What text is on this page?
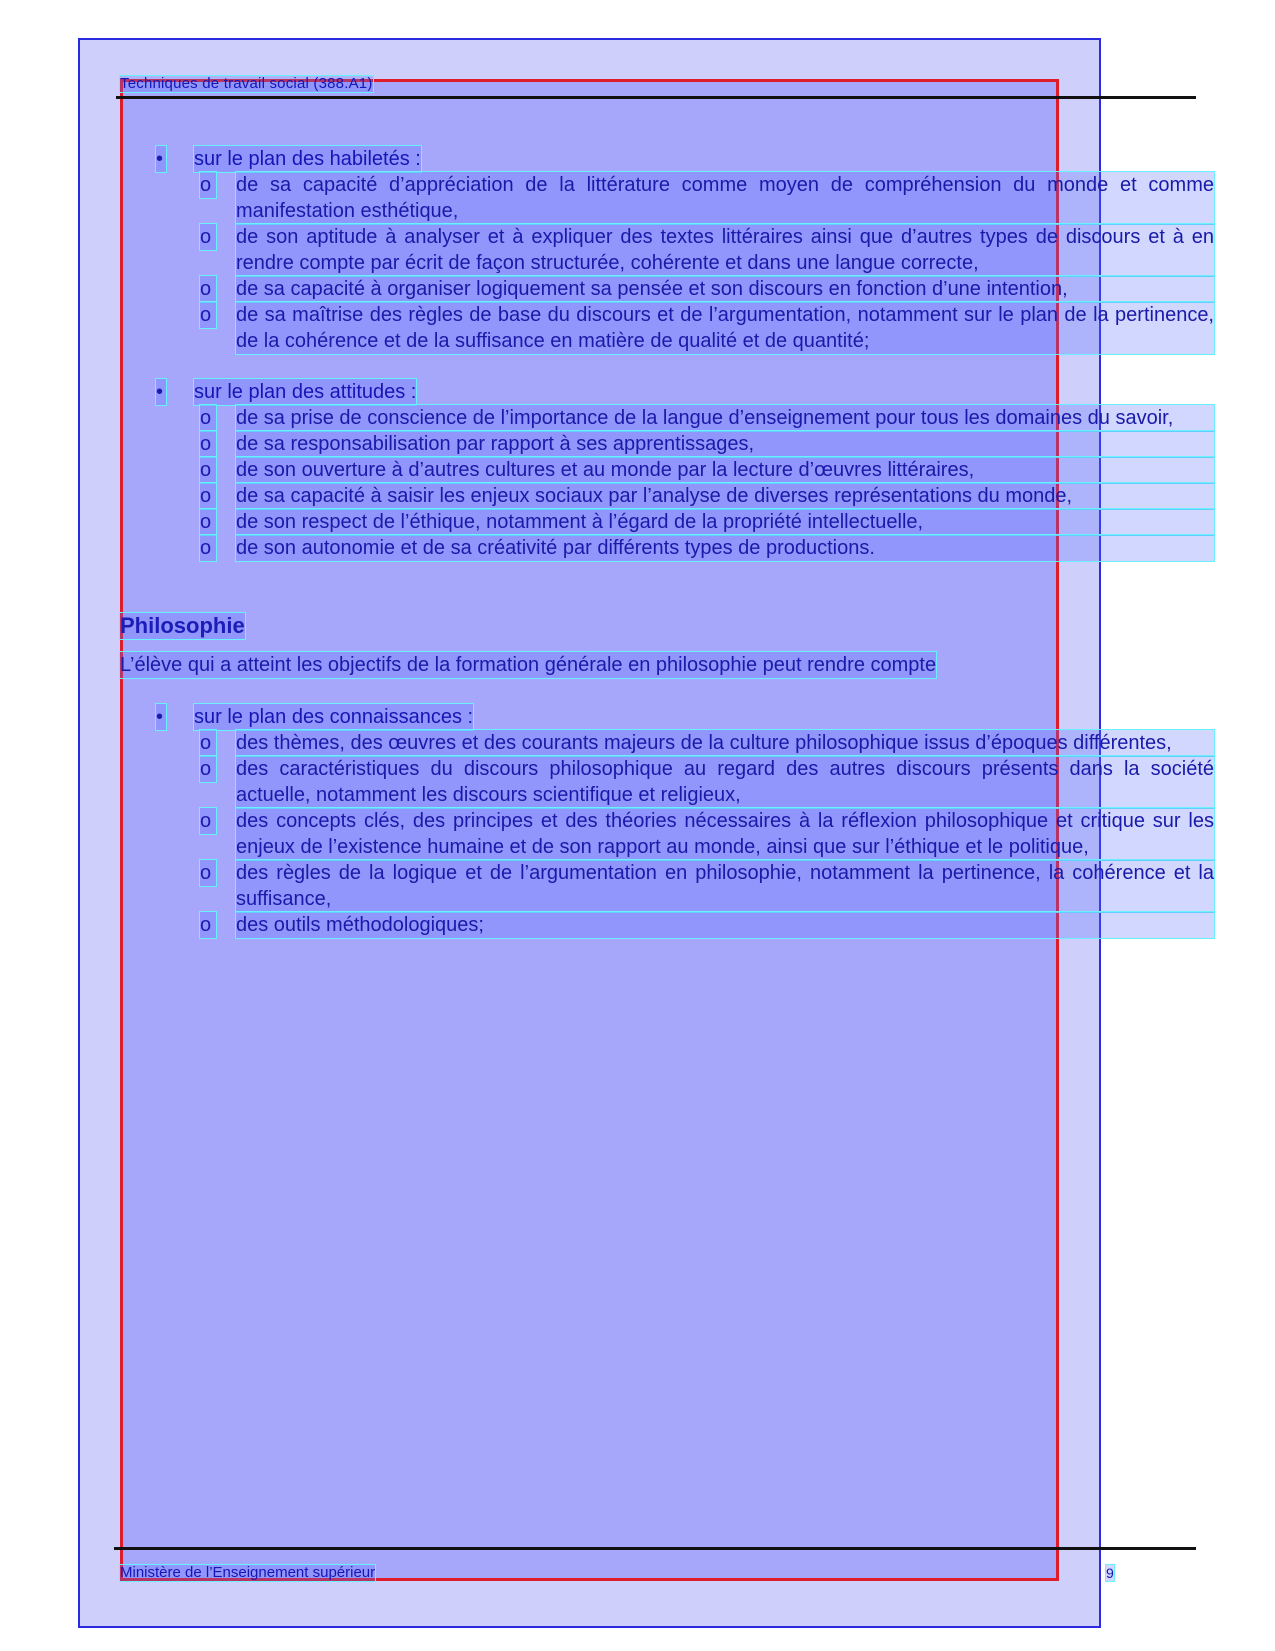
Techniques de travail social (388.A1)
Ministère de l’Enseignement supérieur	9
• sur le plan des habiletés :
o de sa capacité d’appréciation de la littérature comme moyen de compréhension du monde et comme manifestation esthétique,
o de son aptitude à analyser et à expliquer des textes littéraires ainsi que d’autres types de discours et à en rendre compte par écrit de façon structurée, cohérente et dans une langue correcte,
o de sa capacité à organiser logiquement sa pensée et son discours en fonction d’une intention,
o de sa maîtrise des règles de base du discours et de l’argumentation, notamment sur le plan de la pertinence, de la cohérence et de la suffisance en matière de qualité et de quantité;
• sur le plan des attitudes :
o de sa prise de conscience de l’importance de la langue d’enseignement pour tous les domaines du savoir,
o de sa responsabilisation par rapport à ses apprentissages,
o de son ouverture à d’autres cultures et au monde par la lecture d’œuvres littéraires,
o de sa capacité à saisir les enjeux sociaux par l’analyse de diverses représentations du monde,
o de son respect de l’éthique, notamment à l’égard de la propriété intellectuelle,
o de son autonomie et de sa créativité par différents types de productions.
Philosophie

L’élève qui a atteint les objectifs de la formation générale en philosophie peut rendre compte

• sur le plan des connaissances :
o des thèmes, des œuvres et des courants majeurs de la culture philosophique issus d’époques différentes,
o des caractéristiques du discours philosophique au regard des autres discours présents dans la société actuelle, notamment les discours scientifique et religieux,
o des concepts clés, des principes et des théories nécessaires à la réflexion philosophique et critique sur les enjeux de l’existence humaine et de son rapport au monde, ainsi que sur l’éthique et le politique,
o des règles de la logique et de l’argumentation en philosophie, notamment la pertinence, la cohérence et la suffisance,
o des outils méthodologiques;
